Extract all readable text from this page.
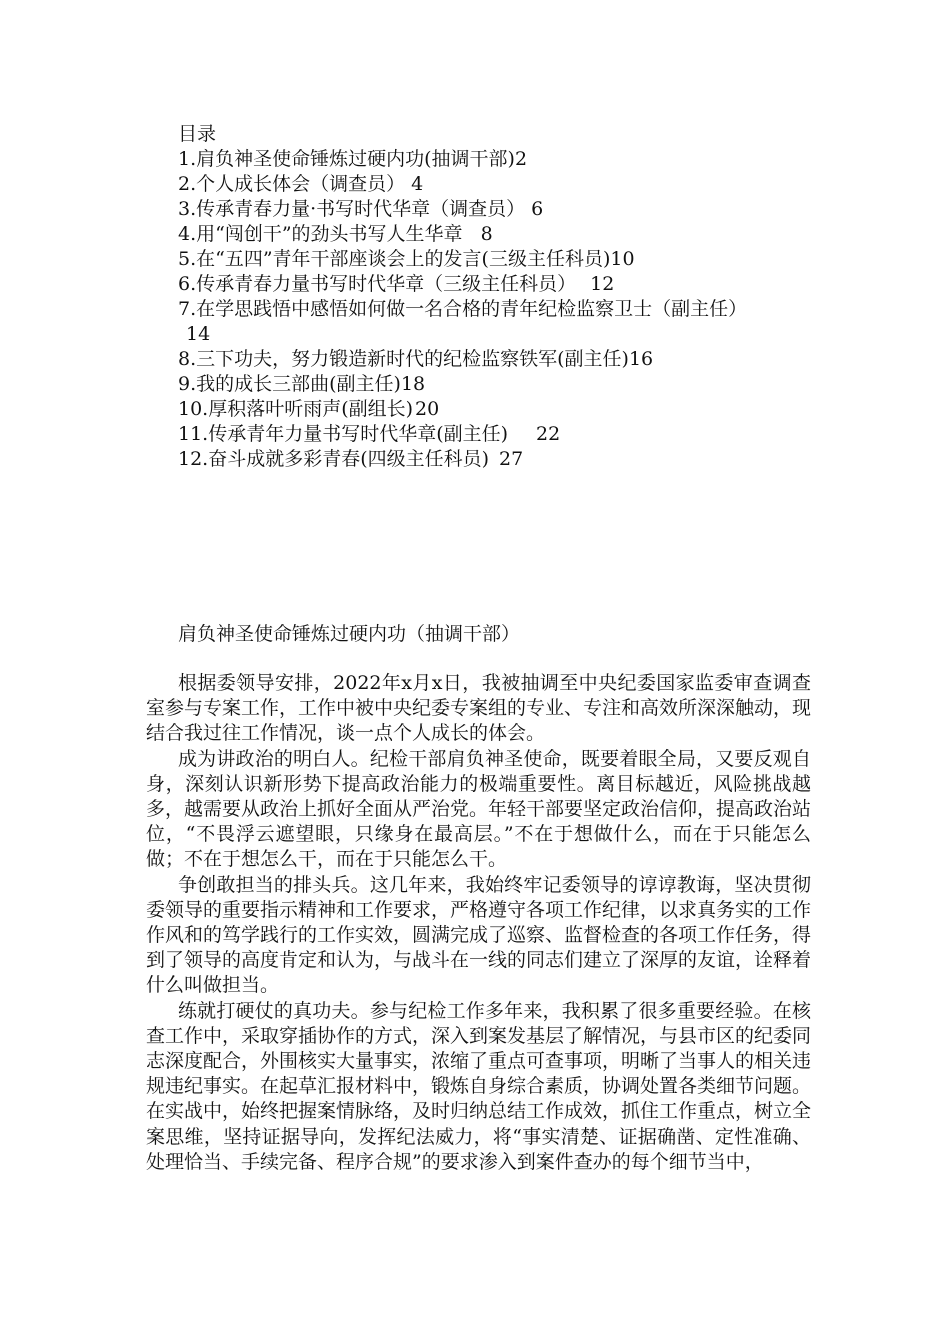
目录
1.肩负神圣使命锤炼过硬内功(抽调干部)2
2.个人成长体会（调查员） 4
3.传承青春力量·书写时代华章（调查员） 6
4.用“闯创干”的劲头书写人生华章 8
5.在“五四”青年干部座谈会上的发言(三级主任科员)10
6.传承青春力量书写时代华章（三级主任科员） 12
7.在学思践悟中感悟如何做一名合格的青年纪检监察卫士（副主任）14
8.三下功夫，努力锻造新时代的纪检监察铁军(副主任)16
9.我的成长三部曲(副主任)18
10.厚积落叶听雨声(副组长) 20
11.传承青年力量书写时代华章(副主任) 22
12.奋斗成就多彩青春(四级主任科员) 27
肩负神圣使命锤炼过硬内功（抽调干部）

根据委领导安排，2022年x月x日，我被抽调至中央纪委国家监委审查调查室参与专案工作，工作中被中央纪委专案组的专业、专注和高效所深深触动，现结合我过往工作情况，谈一点个人成长的体会。

成为讲政治的明白人。纪检干部肩负神圣使命，既要着眼全局，又要反观自身，深刻认识新形势下提高政治能力的极端重要性。离目标越近，风险挑战越多，越需要从政治上抓好全面从严治党。年轻干部要坚定政治信仰，提高政治站位，“不畏浮云遮望眼，只缘身在最高层。”不在于想做什么，而在于只能怎么做；不在于想怎么干，而在于只能怎么干。

争创敢担当的排头兵。这几年来，我始终牢记委领导的谆谆教诲，坚决贯彻委领导的重要指示精神和工作要求，严格遵守各项工作纪律，以求真务实的工作作风和的笃学践行的工作实效，圆满完成了巡察、监督检查的各项工作任务，得到了领导的高度肯定和认为，与战斗在一线的同志们建立了深厚的友谊，诠释着什么叫做担当。

练就打硬仗的真功夫。参与纪检工作多年来，我积累了很多重要经验。在核查工作中，采取穿插协作的方式，深入到案发基层了解情况，与县市区的纪委同志深度配合，外围核实大量事实，浓缩了重点可查事项，明晰了当事人的相关违规违纪事实。在起草汇报材料中，锻炼自身综合素质，协调处置各类细节问题。在实战中，始终把握案情脉络，及时归纳总结工作成效，抓住工作重点，树立全案思维，坚持证据导向，发挥纪法威力，将“事实清楚、证据确凿、定性准确、处理恰当、手续完备、程序合规”的要求渗入到案件查办的每个细节当中，
